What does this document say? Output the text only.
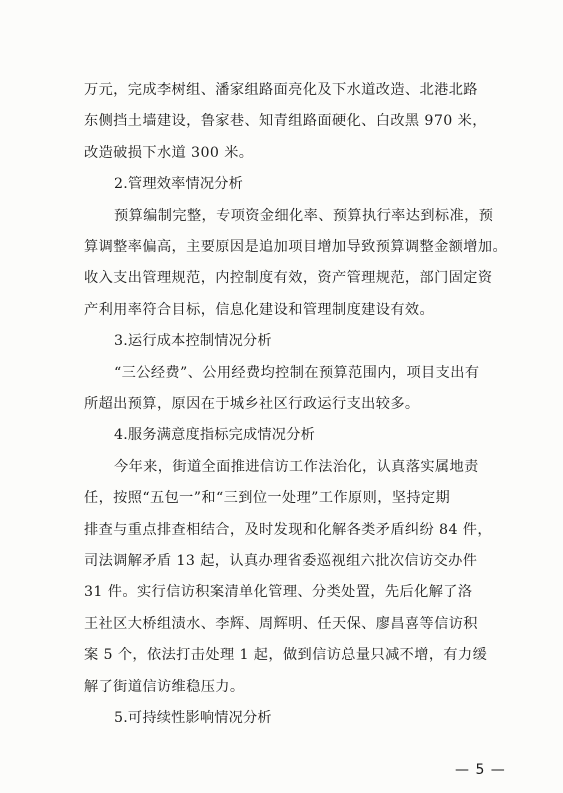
万元，完成李树组、潘家组路面亮化及下水道改造、北港北路
东侧挡土墙建设，鲁家巷、知青组路面硬化、白改黑 970 米，
改造破损下水道 300 米。
2.管理效率情况分析
预算编制完整，专项资金细化率、预算执行率达到标准，预
算调整率偏高，主要原因是追加项目增加导致预算调整金额增加。
收入支出管理规范，内控制度有效，资产管理规范，部门固定资
产利用率符合目标，信息化建设和管理制度建设有效。
3.运行成本控制情况分析
“三公经费”、公用经费均控制在预算范围内，项目支出有
所超出预算，原因在于城乡社区行政运行支出较多。
4.服务满意度指标完成情况分析
今年来，街道全面推进信访工作法治化，认真落实属地责
任，按照“五包一”和“三到位一处理”工作原则，坚持定期
排查与重点排查相结合，及时发现和化解各类矛盾纠纷 84 件，
司法调解矛盾 13 起，认真办理省委巡视组六批次信访交办件
31 件。实行信访积案清单化管理、分类处置，先后化解了洛
王社区大桥组渍水、李辉、周辉明、任天保、廖昌喜等信访积
案 5 个，依法打击处理 1 起，做到信访总量只减不增，有力缓
解了街道信访维稳压力。
5.可持续性影响情况分析
— 5 —
